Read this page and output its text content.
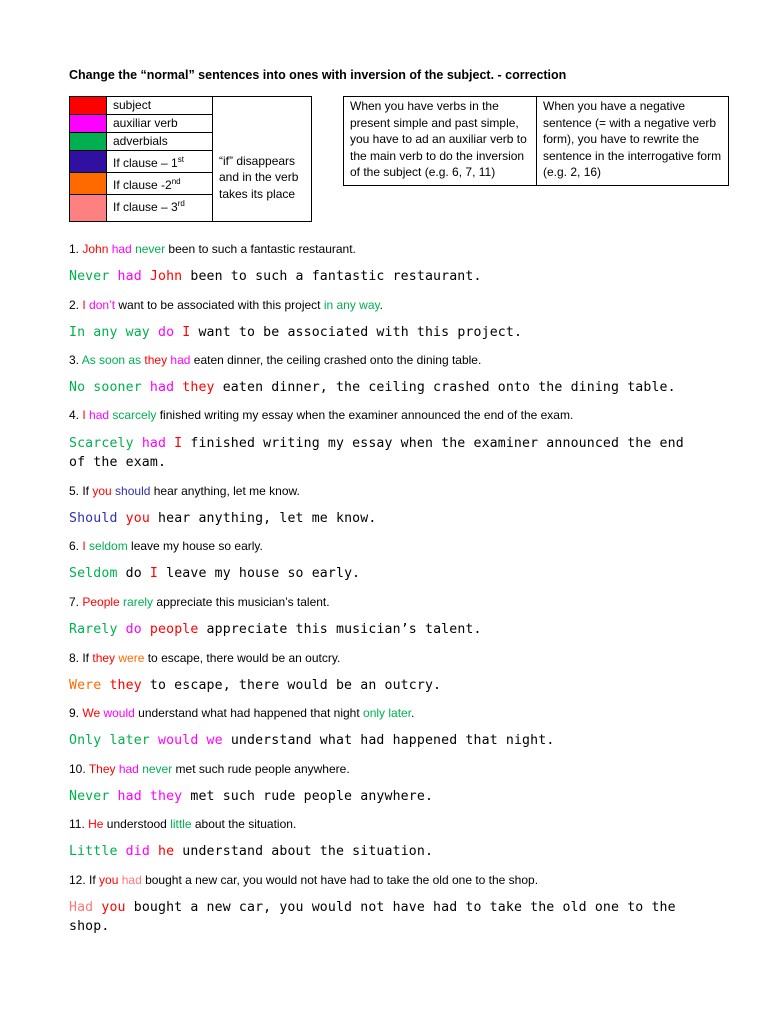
Change the “normal” sentences into ones with inversion of the subject. - correction
	subject	
	auxiliar verb	
	adverbials	
	If clause – 1st	“if” disappears and in the verb takes its place
	If clause -2nd
	If clause – 3rd
When you have verbs in the present simple and past simple, you have to ad an auxiliar verb to the main verb to do the inversion of the subject (e.g. 6, 7, 11)	When you have a negative sentence (= with a negative verb form), you have to rewrite the sentence in the interrogative form (e.g. 2, 16)
1. John had never been to such a fantastic restaurant.
Never had John been to such a fantastic restaurant.
2. I don’t want to be associated with this project in any way.
In any way do I want to be associated with this project.
3. As soon as they had eaten dinner, the ceiling crashed onto the dining table.
No sooner had they eaten dinner, the ceiling crashed onto the dining table.
4. I had scarcely finished writing my essay when the examiner announced the end of the exam.
Scarcely had I finished writing my essay when the examiner announced the end of the exam.
5. If you should hear anything, let me know.
Should you hear anything, let me know.
6. I seldom leave my house so early.
Seldom do I leave my house so early.
7. People rarely appreciate this musician’s talent.
Rarely do people appreciate this musician’s talent.
8. If they were to escape, there would be an outcry.
Were they to escape, there would be an outcry.
9. We would understand what had happened that night only later.
Only later would we understand what had happened that night.
10. They had never met such rude people anywhere.
Never had they met such rude people anywhere.
11. He understood little about the situation.
Little did he understand about the situation.
12. If you had bought a new car, you would not have had to take the old one to the shop.
Had you bought a new car, you would not have had to take the old one to the shop.
